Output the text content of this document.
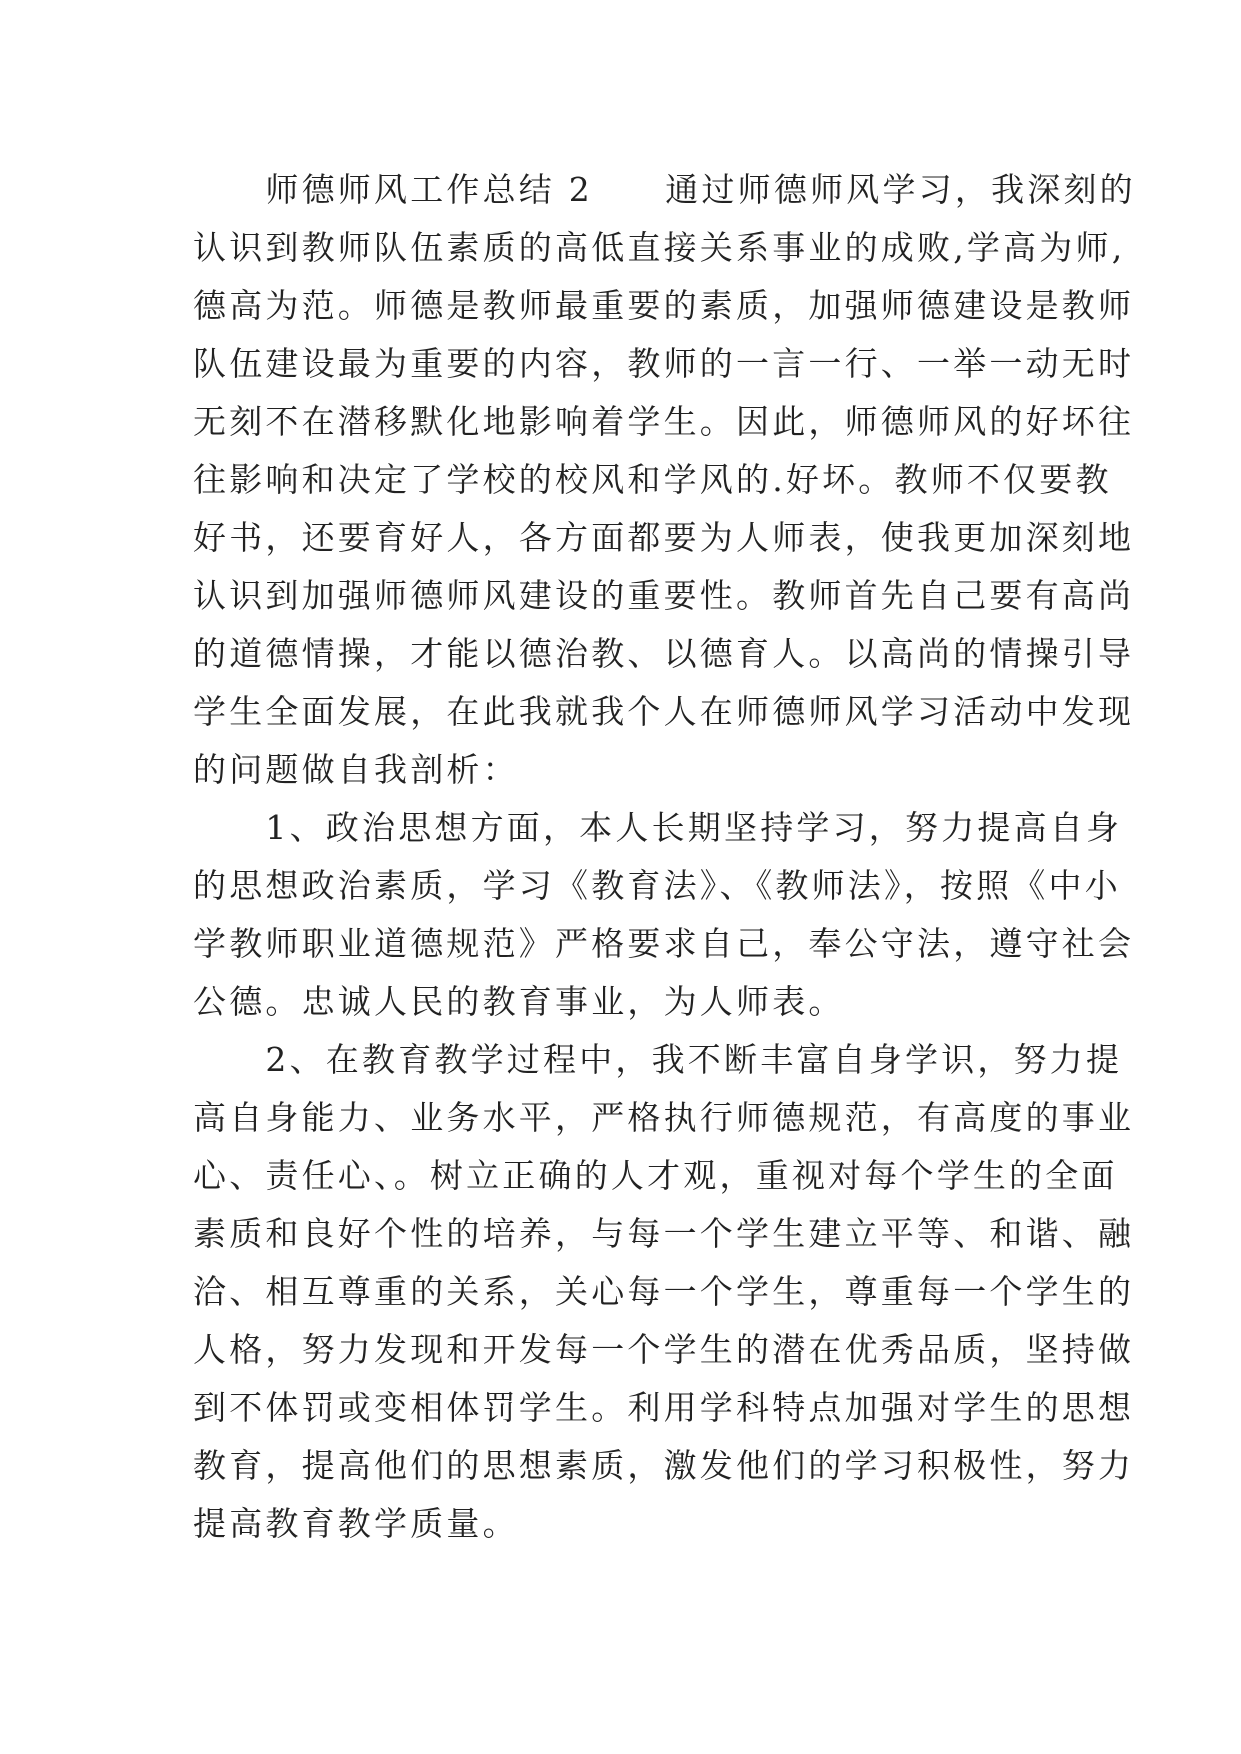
　　师德师风工作总结 2　　通过师德师风学习，我深刻的
认识到教师队伍素质的高低直接关系事业的成败,学高为师,
德高为范。师德是教师最重要的素质，加强师德建设是教师
队伍建设最为重要的内容，教师的一言一行、一举一动无时
无刻不在潜移默化地影响着学生。因此，师德师风的好坏往
往影响和决定了学校的校风和学风的.好坏。教师不仅要教
好书，还要育好人，各方面都要为人师表，使我更加深刻地
认识到加强师德师风建设的重要性。教师首先自己要有高尚
的道德情操，才能以德治教、以德育人。以高尚的情操引导
学生全面发展，在此我就我个人在师德师风学习活动中发现
的问题做自我剖析：
　　1、政治思想方面，本人长期坚持学习，努力提高自身
的思想政治素质，学习《教育法》、《教师法》，按照《中小
学教师职业道德规范》严格要求自己，奉公守法，遵守社会
公德。忠诚人民的教育事业，为人师表。
　　2、在教育教学过程中，我不断丰富自身学识，努力提
高自身能力、业务水平，严格执行师德规范，有高度的事业
心、责任心、。树立正确的人才观，重视对每个学生的全面
素质和良好个性的培养，与每一个学生建立平等、和谐、融
洽、相互尊重的关系，关心每一个学生，尊重每一个学生的
人格，努力发现和开发每一个学生的潜在优秀品质，坚持做
到不体罚或变相体罚学生。利用学科特点加强对学生的思想
教育，提高他们的思想素质，激发他们的学习积极性，努力
提高教育教学质量。
